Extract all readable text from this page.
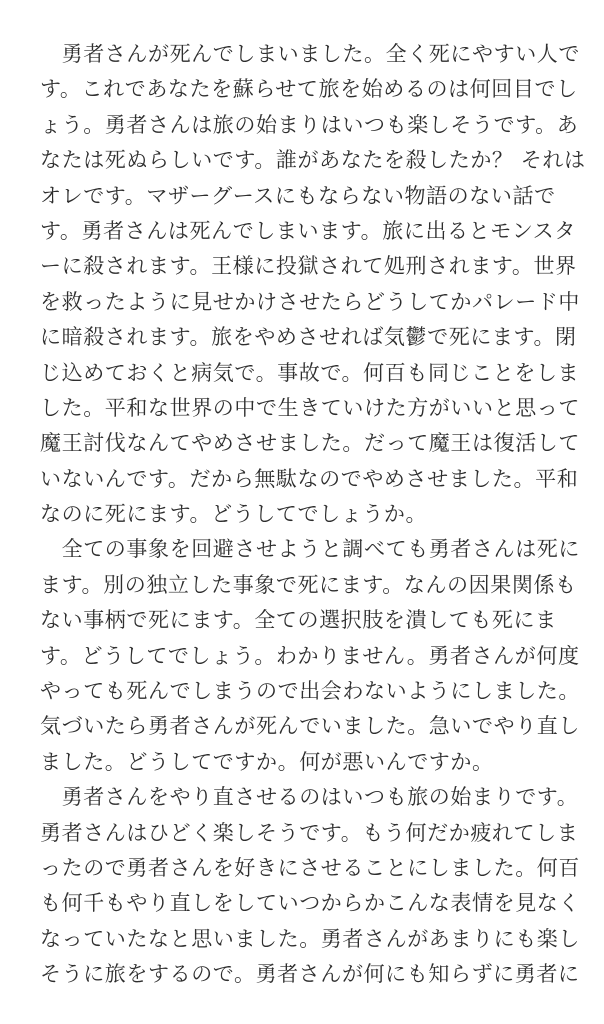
　勇者さんが死んでしまいました。全く死にやすい人で
す。これであなたを蘇らせて旅を始めるのは何回目でし
ょう。勇者さんは旅の始まりはいつも楽しそうです。あ
なたは死ぬらしいです。誰があなたを殺したか？ それは
オレです。マザーグースにもならない物語のない話で
す。勇者さんは死んでしまいます。旅に出るとモンスタ
ーに殺されます。王様に投獄されて処刑されます。世界
を救ったように見せかけさせたらどうしてかパレード中
に暗殺されます。旅をやめさせれば気鬱で死にます。閉
じ込めておくと病気で。事故で。何百も同じことをしま
した。平和な世界の中で生きていけた方がいいと思って
魔王討伐なんてやめさせました。だって魔王は復活して
いないんです。だから無駄なのでやめさせました。平和
なのに死にます。どうしてでしょうか。
　全ての事象を回避させようと調べても勇者さんは死に
ます。別の独立した事象で死にます。なんの因果関係も
ない事柄で死にます。全ての選択肢を潰しても死にま
す。どうしてでしょう。わかりません。勇者さんが何度
やっても死んでしまうので出会わないようにしました。
気づいたら勇者さんが死んでいました。急いでやり直し
ました。どうしてですか。何が悪いんですか。
　勇者さんをやり直させるのはいつも旅の始まりです。
勇者さんはひどく楽しそうです。もう何だか疲れてしま
ったので勇者さんを好きにさせることにしました。何百
も何千もやり直しをしていつからかこんな表情を見なく
なっていたなと思いました。勇者さんがあまりにも楽し
そうに旅をするので。勇者さんが何にも知らずに勇者に
